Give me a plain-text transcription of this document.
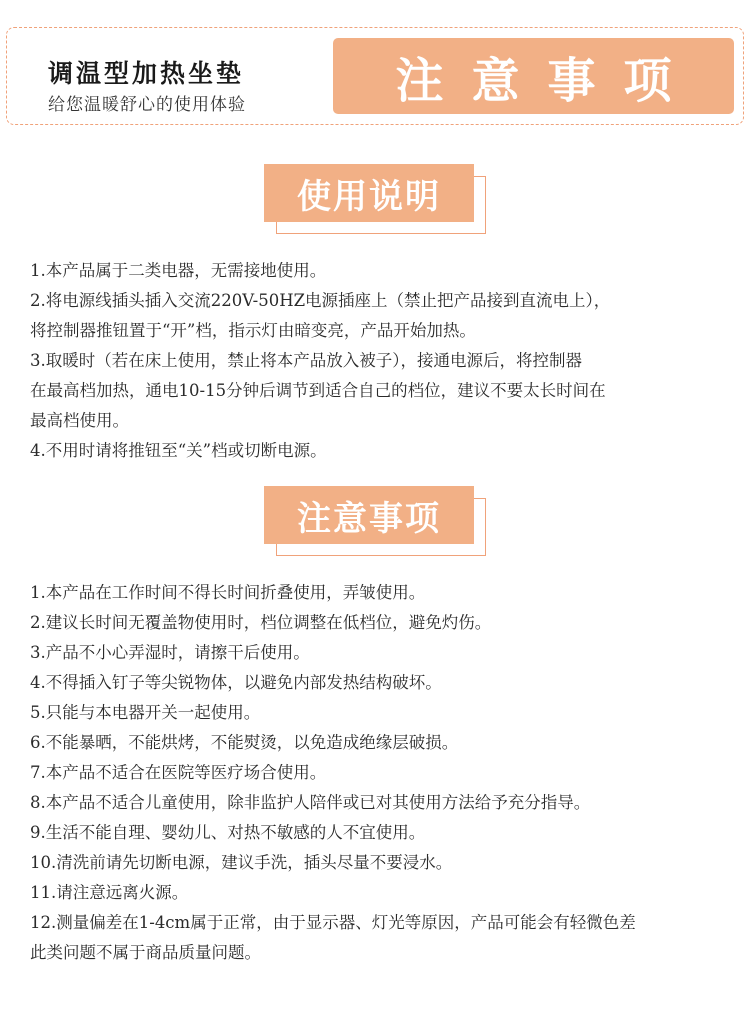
调温型加热坐垫
给您温暖舒心的使用体验	注意事项
使用说明
1.本产品属于二类电器，无需接地使用。
2.将电源线插头插入交流220V-50HZ电源插座上（禁止把产品接到直流电上），
将控制器推钮置于“开”档，指示灯由暗变亮，产品开始加热。
3.取暖时（若在床上使用，禁止将本产品放入被子），接通电源后，将控制器
在最高档加热，通电10-15分钟后调节到适合自己的档位，建议不要太长时间在
最高档使用。
4.不用时请将推钮至“关”档或切断电源。
注意事项
1.本产品在工作时间不得长时间折叠使用，弄皱使用。
2.建议长时间无覆盖物使用时，档位调整在低档位，避免灼伤。
3.产品不小心弄湿时，请擦干后使用。
4.不得插入钉子等尖锐物体，以避免内部发热结构破坏。
5.只能与本电器开关一起使用。
6.不能暴晒，不能烘烤，不能熨烫，以免造成绝缘层破损。
7.本产品不适合在医院等医疗场合使用。
8.本产品不适合儿童使用，除非监护人陪伴或已对其使用方法给予充分指导。
9.生活不能自理、婴幼儿、对热不敏感的人不宜使用。
10.清洗前请先切断电源，建议手洗，插头尽量不要浸水。
11.请注意远离火源。
12.测量偏差在1-4cm属于正常，由于显示器、灯光等原因，产品可能会有轻微色差
此类问题不属于商品质量问题。
